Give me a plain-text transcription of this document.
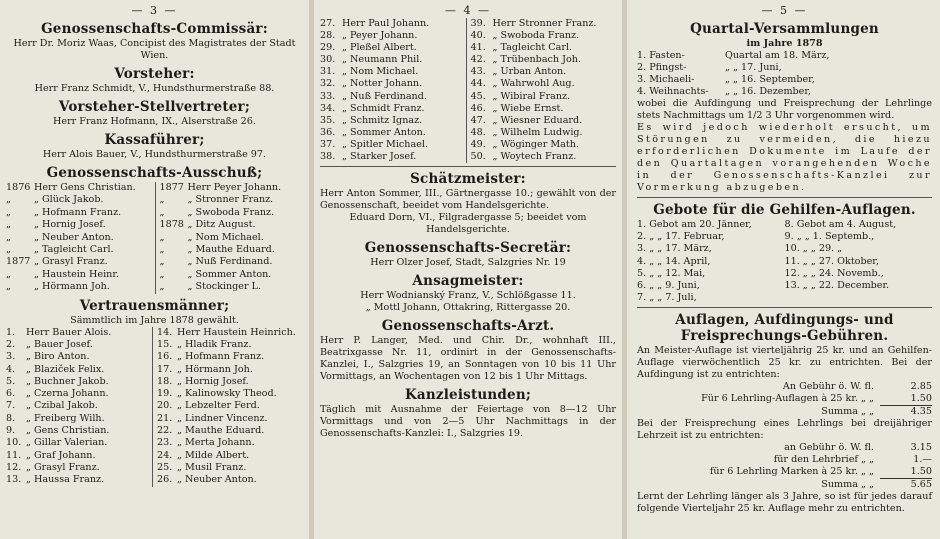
— 3 —
Genossenschafts-Commissär:
Herr Dr. Moriz Waas, Concipist des Magistrates der Stadt Wien.
Vorsteher:
Herr Franz Schmidt, V., Hundsthurmerstraße 88.
Vorsteher-Stellvertreter;
Herr Franz Hofmann, IX., Alserstraße 26.
Kassaführer;
Herr Alois Bauer, V., Hundsthurmerstraße 97.
Genossenschafts-Ausschuß;
1876 Herr Gens Christian.	1877 Herr Peyer Johann.
„	„ Glück Jakob.	„	„ Stronner Franz.
„	„ Hofmann Franz.	„	„ Swoboda Franz.
„	„ Hornig Josef.	1878 „ Ditz August.
„	„ Neuber Anton.	„	„ Nom Michael.
„	„ Tagleicht Carl.	„	„ Mauthe Eduard.
1877 „ Grasyl Franz.	„	„ Nuß Ferdinand.
„	„ Haustein Heinr.	„	„ Sommer Anton.
„	„ Hörmann Joh.	„	„ Stockinger L.
Vertrauensmänner;
Sämmtlich im Jahre 1878 gewählt.
1.	Herr Bauer Alois.	14. Herr Haustein Heinrich.
2.	„ Bauer Josef.	15. „ Hladik Franz.
3.	„ Biro Anton.	16. „ Hofmann Franz.
4.	„ Blaziček Felix.	17. „ Hörmann Joh.
5.	„ Buchner Jakob.	18. „ Hornig Josef.
6.	„ Czerna Johann.	19. „ Kalinowsky Theod.
7.	„ Czibal Jakob.	20. „ Lebzelter Ferd.
8.	„ Freiberg Wilh.	21. „ Lindner Vincenz.
9.	„ Gens Christian.	22. „ Mauthe Eduard.
10. „ Gillar Valerian.	23. „ Merta Johann.
11. „ Graf Johann.	24. „ Milde Albert.
12. „ Grasyl Franz.	25. „ Musil Franz.
13. „ Haussa Franz.	26. „ Neuber Anton.
— 4 —
27. Herr Paul Johann.	39. Herr Stronner Franz.
28. „ Peyer Johann.	40. „ Swoboda Franz.
29. „ Pleßel Albert.	41. „ Tagleicht Carl.
30. „ Neumann Phil.	42. „ Trübenbach Joh.
31. „ Nom Michael.	43. „ Urban Anton.
32. „ Notter Johann.	44. „ Wahrwohl Aug.
33. „ Nuß Ferdinand.	45. „ Wibiral Franz.
34. „ Schmidt Franz.	46. „ Wiebe Ernst.
35. „ Schmitz Ignaz.	47. „ Wiesner Eduard.
36. „ Sommer Anton.	48. „ Wilhelm Ludwig.
37. „ Spitler Michael.	49. „ Wöginger Math.
38. „ Starker Josef.	50. „ Woytech Franz.
Schätzmeister:
Herr Anton Sommer, III., Gärtnergasse 10.; gewählt von der Genossenschaft, beeidet vom Handelsgerichte.
Eduard Dorn, VI., Filgradergasse 5; beeidet vom Handelsgerichte.
Genossenschafts-Secretär:
Herr Olzer Josef, Stadt, Salzgries Nr. 19
Ansagmeister:
Herr Wodnianský Franz, V., Schlößgasse 11.
„ Mottl Johann, Ottakring, Rittergasse 20.
Genossenschafts-Arzt.
Herr P. Langer, Med. und Chir. Dr., wohnhaft III., Beatrixgasse Nr. 11, ordinirt in der Genossenschafts-Kanzlei, I., Salzgries 19, an Sonntagen von 10 bis 11 Uhr Vormittags, an Wochentagen von 12 bis 1 Uhr Mittags.
Kanzleistunden;
Täglich mit Ausnahme der Feiertage von 8—12 Uhr Vormittags und von 2—5 Uhr Nachmittags in der Genossenschafts-Kanzlei: I., Salzgries 19.
— 5 —
Quartal-Versammlungen
im Jahre 1878
1. Fasten-	Quartal am 18. März,
2. Pfingst-	„ „ 17. Juni,
3. Michaeli-	„ „ 16. September,
4. Weihnachts-	„ „ 16. Dezember,
wobei die Aufdingung und Freisprechung der Lehrlinge stets Nachmittags um 1/2 3 Uhr vorgenommen wird.
Es wird jedoch wiederholt ersucht, um Störungen zu vermeiden, die hiezu erforderlichen Dokumente im Laufe der den Quartaltagen vorangehenden Woche in der Genossenschafts-Kanzlei zur Vormerkung abzugeben.
Gebote für die Gehilfen-Auflagen.
1. Gebot am 20. Jänner,	8. Gebot am 4. August,
2. „ „ 17. Februar,	9. „ „ 1. Septemb.,
3. „ „ 17. März,	10. „ „ 29. „
4. „ „ 14. April,	11. „ „ 27. Oktober,
5. „ „ 12. Mai,	12. „ „ 24. Novemb.,
6. „ „ 9. Juni,	13. „ „ 22. December.
7. „ „ 7. Juli,
Auflagen, Aufdingungs- und Freisprechungs-Gebühren.
An Meister-Auflage ist vierteljährig 25 kr. und an Gehilfen-Auflage vierwöchentlich 25 kr. zu entrichten. Bei der Aufdingung ist zu entrichten:
An Gebühr ö. W. fl.	2.85
Für 6 Lehrling-Auflagen à 25 kr. „ „	1.50
Summa „ „	4.35
Bei der Freisprechung eines Lehrlings bei dreijähriger Lehrzeit ist zu entrichten:
an Gebühr ö. W. fl.	3.15
für den Lehrbrief „ „	1.—
für 6 Lehrling Marken à 25 kr. „ „	1.50
Summa „ „	5.65
Lernt der Lehrling länger als 3 Jahre, so ist für jedes darauf folgende Vierteljahr 25 kr. Auflage mehr zu entrichten.
